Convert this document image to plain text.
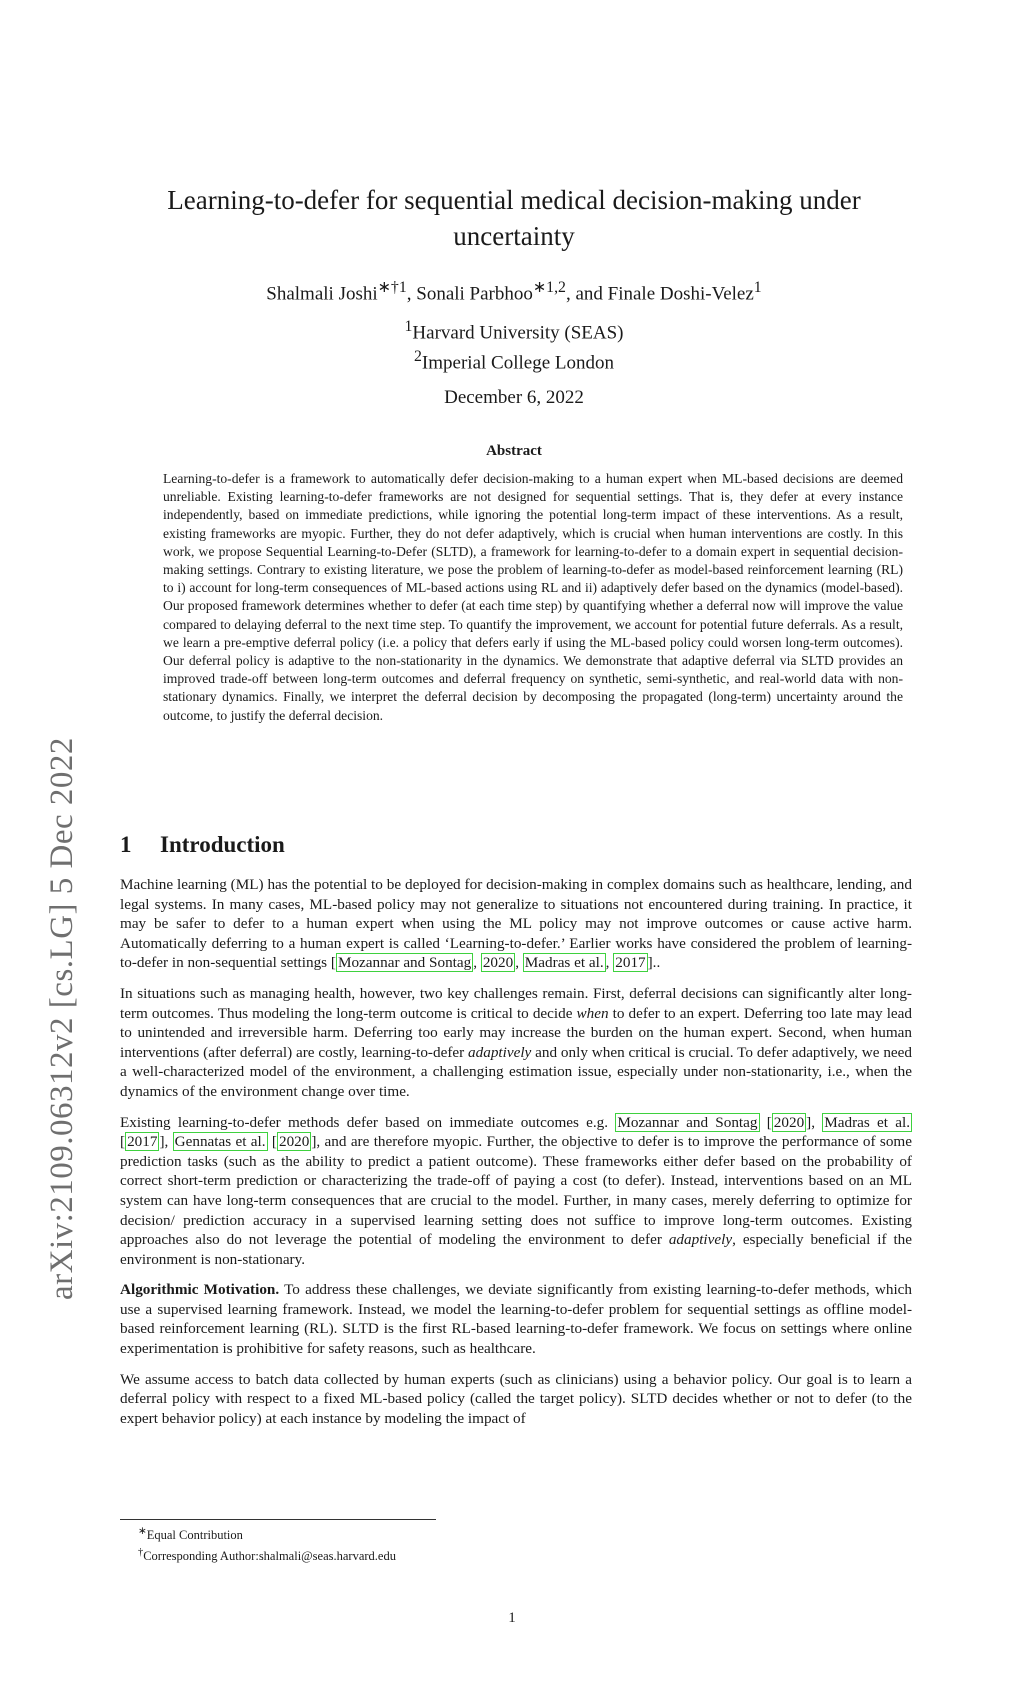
arXiv:2109.06312v2 [cs.LG] 5 Dec 2022
Learning-to-defer for sequential medical decision-making under
uncertainty
Shalmali Joshi$^{∗\dagger 1}$, Sonali Parbhoo$^{∗1,2}$, and Finale Doshi-Velez$^1$
$^1$Harvard University (SEAS)
$^2$Imperial College London
December 6, 2022
Abstract
Learning-to-defer is a framework to automatically defer decision-making to a human expert when ML-based decisions are deemed unreliable. Existing learning-to-defer frameworks are not designed for sequential settings. That is, they defer at every instance independently, based on immediate predictions, while ignoring the potential long-term impact of these interventions. As a result, existing frameworks are myopic. Further, they do not defer adaptively, which is crucial when human interventions are costly. In this work, we propose Sequential Learning-to-Defer (SLTD), a framework for learning-to-defer to a domain expert in sequential decision-making settings. Contrary to existing literature, we pose the problem of learning-to-defer as model-based reinforcement learning (RL) to i) account for long-term consequences of ML-based actions using RL and ii) adaptively defer based on the dynamics (model-based). Our proposed framework determines whether to defer (at each time step) by quantifying whether a deferral now will improve the value compared to delaying deferral to the next time step. To quantify the improvement, we account for potential future deferrals. As a result, we learn a pre-emptive deferral policy (i.e. a policy that defers early if using the ML-based policy could worsen long-term outcomes). Our deferral policy is adaptive to the non-stationarity in the dynamics. We demonstrate that adaptive deferral via SLTD provides an improved trade-off between long-term outcomes and deferral frequency on synthetic, semi-synthetic, and real-world data with non-stationary dynamics. Finally, we interpret the deferral decision by decomposing the propagated (long-term) uncertainty around the outcome, to justify the deferral decision.
1 Introduction

Machine learning (ML) has the potential to be deployed for decision-making in complex domains such as healthcare, lending, and legal systems. In many cases, ML-based policy may not generalize to situations not encountered during training. In practice, it may be safer to defer to a human expert when using the ML policy may not improve outcomes or cause active harm. Automatically deferring to a human expert is called ‘Learning-to-defer.’ Earlier works have considered the problem of learning-to-defer in non-sequential settings [ Mozannar and Sontag , 2020 , Madras et al. , 2017 ]..

In situations such as managing health, however, two key challenges remain. First, deferral decisions can significantly alter long-term outcomes. Thus modeling the long-term outcome is critical to decide when to defer to an expert. Deferring too late may lead to unintended and irreversible harm. Deferring too early may increase the burden on the human expert. Second, when human interventions (after deferral) are costly, learning-to-defer adaptively and only when critical is crucial. To defer adaptively, we need a well-characterized model of the environment, a challenging estimation issue, especially under non-stationarity, i.e., when the dynamics of the environment change over time.

Existing learning-to-defer methods defer based on immediate outcomes e.g. Mozannar and Sontag [ 2020 ], Madras et al. [ 2017 ], Gennatas et al. [ 2020 ], and are therefore myopic. Further, the objective to defer is to improve the performance of some prediction tasks (such as the ability to predict a patient outcome). These frameworks either defer based on the probability of correct short-term prediction or characterizing the trade-off of paying a cost (to defer). Instead, interventions based on an ML system can have long-term consequences that are crucial to the model. Further, in many cases, merely deferring to optimize for decision/ prediction accuracy in a supervised learning setting does not suffice to improve long-term outcomes. Existing approaches also do not leverage the potential of modeling the environment to defer adaptively, especially beneficial if the environment is non-stationary.

Algorithmic Motivation. To address these challenges, we deviate significantly from existing learning-to-defer methods, which use a supervised learning framework. Instead, we model the learning-to-defer problem for sequential settings as offline model-based reinforcement learning (RL). SLTD is the first RL-based learning-to-defer framework. We focus on settings where online experimentation is prohibitive for safety reasons, such as healthcare.

We assume access to batch data collected by human experts (such as clinicians) using a behavior policy. Our goal is to learn a deferral policy with respect to a fixed ML-based policy (called the target policy). SLTD decides whether or not to defer (to the expert behavior policy) at each instance by modeling the impact of

∗Equal Contribution
†Corresponding Author:shalmali@seas.harvard.edu
1
